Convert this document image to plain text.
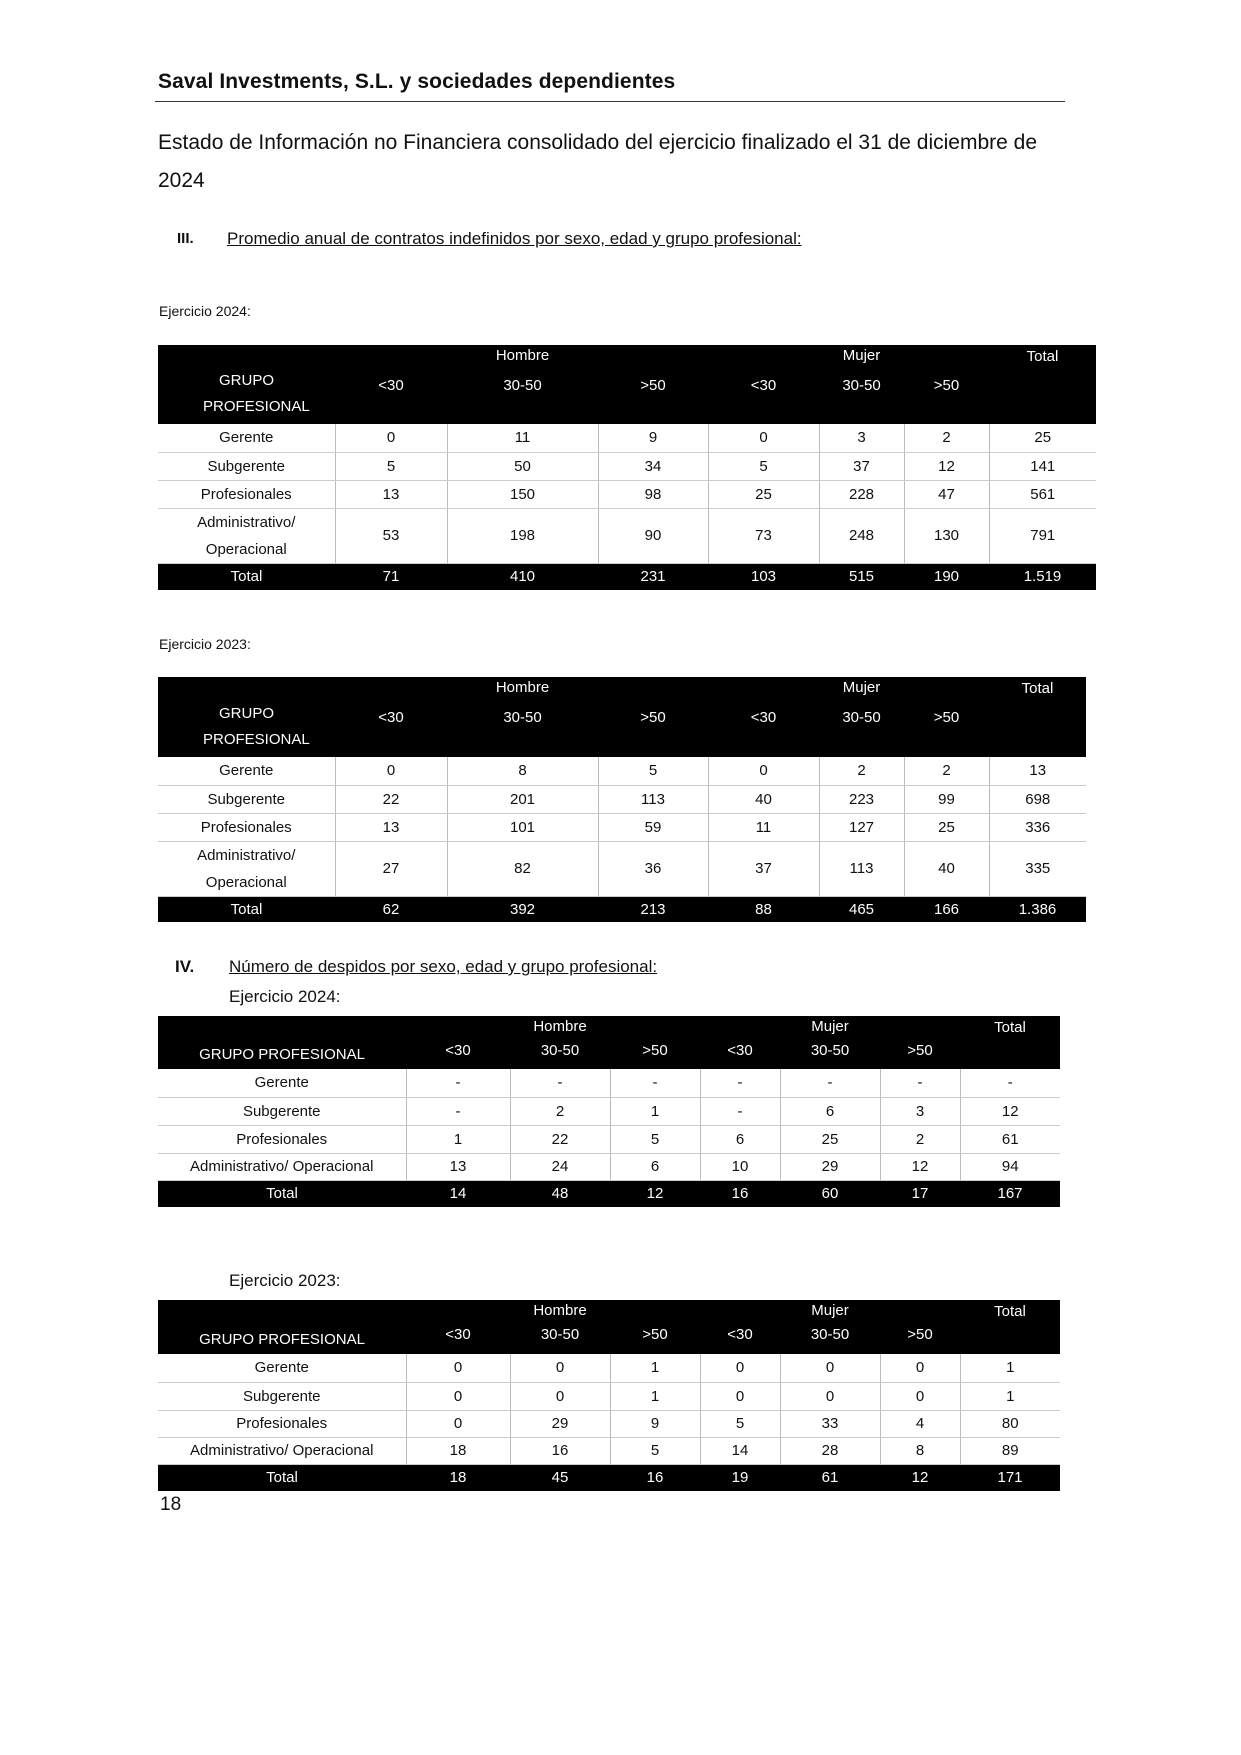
Saval Investments, S.L. y sociedades dependientes
Estado de Información no Financiera consolidado del ejercicio finalizado el 31 de diciembre de 2024
III. Promedio anual de contratos indefinidos por sexo, edad y grupo profesional:
Ejercicio 2024:
Ejercicio 2023:
IV. Número de despidos por sexo, edad y grupo profesional:
Ejercicio 2024:
Ejercicio 2023:
GRUPO PROFESIONAL		Hombre			Mujer		Total
	<30	30-50	>50	<30	30-50	>50	
Gerente	0	11	9	0	3	2	25
Subgerente	5	50	34	5	37	12	141
Profesionales	13	150	98	25	228	47	561
Administrativo/ Operacional	53	198	90	73	248	130	791
Total	71	410	231	103	515	190	1.519
GRUPO PROFESIONAL		Hombre			Mujer		Total
	<30	30-50	>50	<30	30-50	>50	
Gerente	0	8	5	0	2	2	13
Subgerente	22	201	113	40	223	99	698
Profesionales	13	101	59	11	127	25	336
Administrativo/ Operacional	27	82	36	37	113	40	335
Total	62	392	213	88	465	166	1.386
GRUPO PROFESIONAL		Hombre			Mujer		Total
	<30	30-50	>50	<30	30-50	>50	
Gerente	-	-	-	-	-	-	-
Subgerente	-	2	1	-	6	3	12
Profesionales	1	22	5	6	25	2	61
Administrativo/ Operacional	13	24	6	10	29	12	94
Total	14	48	12	16	60	17	167
GRUPO PROFESIONAL		Hombre			Mujer		Total
	<30	30-50	>50	<30	30-50	>50	
Gerente	0	0	1	0	0	0	1
Subgerente	0	0	1	0	0	0	1
Profesionales	0	29	9	5	33	4	80
Administrativo/ Operacional	18	16	5	14	28	8	89
Total	18	45	16	19	61	12	171
18
